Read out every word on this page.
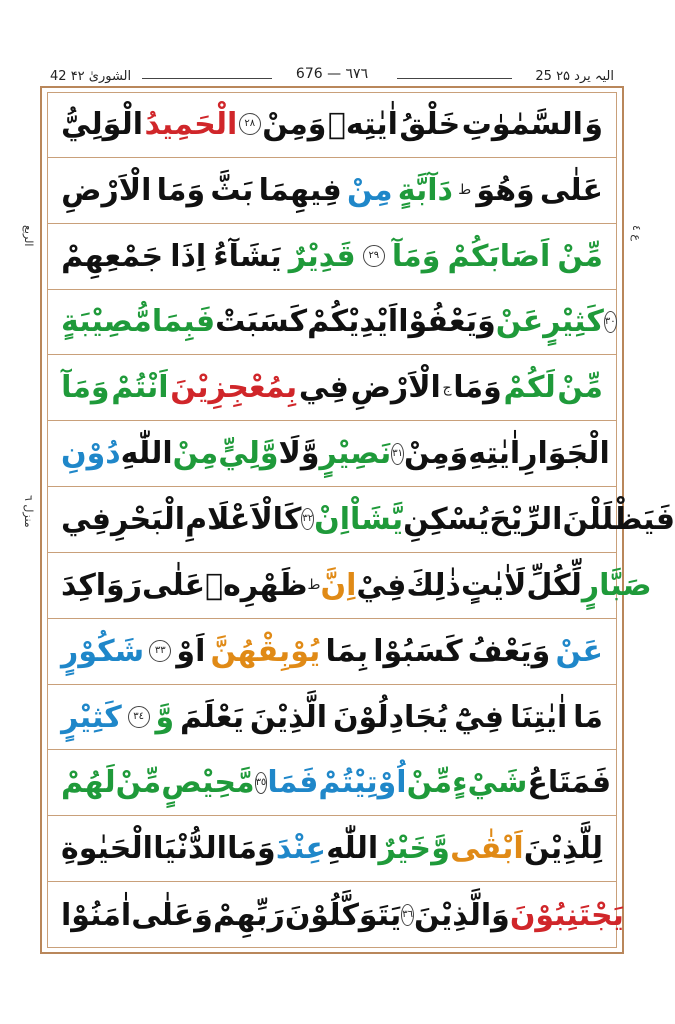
42 الشوریٰ ۴۲	676 — ٦٧٦	25 الیہ یرد ۲۵
الربع
منزل ٦
ع ٤
الْوَلِيُّ الْحَمِيدُ ٢٨ وَمِنْ اٰيٰتِهٖ خَلْقُ السَّمٰوٰتِ وَ
الْاَرْضِ وَمَا بَثَّ فِيهِمَا مِنْ دَآبَّةٍ ط وَهُوَ عَلٰى
جَمْعِهِمْ اِذَا يَشَآءُ قَدِيْرٌ	٢٩ وَمَآ اَصَابَكُمْ مِّنْ
مُّصِيْبَةٍ فَبِمَا كَسَبَتْ اَيْدِيْكُمْ وَيَعْفُوْا عَنْ كَثِيْرٍ ٣٠
وَمَآ اَنْتُمْ بِمُعْجِزِيْنَ فِي الْاَرْضِ ج وَمَا لَكُمْ مِّنْ
دُوْنِ اللّٰهِ مِنْ وَّلِيٍّ وَّلَا نَصِيْرٍ ٣١ وَمِنْ اٰيٰتِهِ الْجَوَارِ
فِي الْبَحْرِ كَالْاَعْلَامِ ٣٢ اِنْ يَّشَاْ يُسْكِنِ الرِّيْحَ فَيَظْلَلْنَ
رَوَاكِدَ عَلٰى ظَهْرِهٖ ط اِنَّ فِيْ ذٰلِكَ لَاٰيٰتٍ لِّكُلِّ صَبَّارٍ
شَكُوْرٍ	٣٣ اَوْ يُوْبِقْهُنَّ بِمَا كَسَبُوْا وَيَعْفُ عَنْ
كَثِيْرٍ	٣٤ وَّ يَعْلَمَ الَّذِيْنَ يُجَادِلُوْنَ فِيْٓ اٰيٰتِنَا مَا
لَهُمْ مِّنْ مَّحِيْصٍ ٣٥ فَمَا اُوْتِيْتُمْ مِّنْ شَيْءٍ فَمَتَاعُ
الْحَيٰوةِ الدُّنْيَا وَمَا عِنْدَ اللّٰهِ خَيْرٌ وَّ اَبْقٰى لِلَّذِيْنَ
اٰمَنُوْا وَعَلٰى رَبِّهِمْ يَتَوَكَّلُوْنَ ٣٦ وَالَّذِيْنَ يَجْتَنِبُوْنَ
